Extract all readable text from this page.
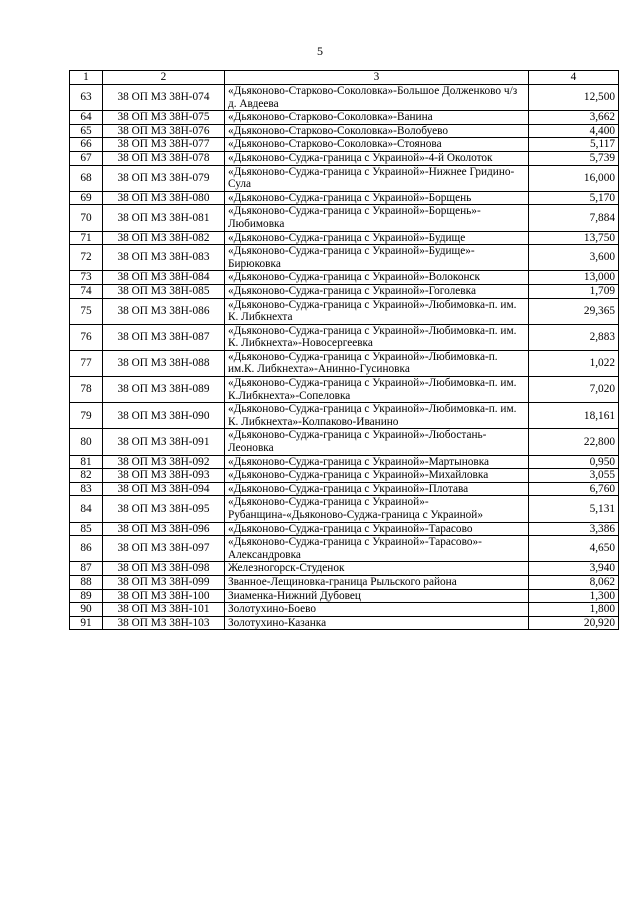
5
1	2	3	4
63	38 ОП МЗ 38Н-074	«Дьяконово-Старково-Соколовка»-Большое Долженково ч/з д. Авдеева	12,500
64	38 ОП МЗ 38Н-075	«Дьяконово-Старково-Соколовка»-Ванина	3,662
65	38 ОП МЗ 38Н-076	«Дьяконово-Старково-Соколовка»-Волобуево	4,400
66	38 ОП МЗ 38Н-077	«Дьяконово-Старково-Соколовка»-Стоянова	5,117
67	38 ОП МЗ 38Н-078	«Дьяконово-Суджа-граница с Украиной»-4-й Околоток	5,739
68	38 ОП МЗ 38Н-079	«Дьяконово-Суджа-граница с Украиной»-Нижнее Гридино-Сула	16,000
69	38 ОП МЗ 38Н-080	«Дьяконово-Суджа-граница с Украиной»-Борщень	5,170
70	38 ОП МЗ 38Н-081	«Дьяконово-Суджа-граница с Украиной»-Борщень»-Любимовка	7,884
71	38 ОП МЗ 38Н-082	«Дьяконово-Суджа-граница с Украиной»-Будище	13,750
72	38 ОП МЗ 38Н-083	«Дьяконово-Суджа-граница с Украиной»-Будище»-Бирюковка	3,600
73	38 ОП МЗ 38Н-084	«Дьяконово-Суджа-граница с Украиной»-Волоконск	13,000
74	38 ОП МЗ 38Н-085	«Дьяконово-Суджа-граница с Украиной»-Гоголевка	1,709
75	38 ОП МЗ 38Н-086	«Дьяконово-Суджа-граница с Украиной»-Любимовка-п. им. К. Либкнехта	29,365
76	38 ОП МЗ 38Н-087	«Дьяконово-Суджа-граница с Украиной»-Любимовка-п. им. К. Либкнехта»-Новосергеевка	2,883
77	38 ОП МЗ 38Н-088	«Дьяконово-Суджа-граница с Украиной»-Любимовка-п. им.К. Либкнехта»-Анинно-Гусиновка	1,022
78	38 ОП МЗ 38Н-089	«Дьяконово-Суджа-граница с Украиной»-Любимовка-п. им. К.Либкнехта»-Сопеловка	7,020
79	38 ОП МЗ 38Н-090	«Дьяконово-Суджа-граница с Украиной»-Любимовка-п. им. К. Либкнехта»-Колпаково-Иванино	18,161
80	38 ОП МЗ 38Н-091	«Дьяконово-Суджа-граница с Украиной»-Любостань-Леоновка	22,800
81	38 ОП МЗ 38Н-092	«Дьяконово-Суджа-граница с Украиной»-Мартыновка	0,950
82	38 ОП МЗ 38Н-093	«Дьяконово-Суджа-граница с Украиной»-Михайловка	3,055
83	38 ОП МЗ 38Н-094	«Дьяконово-Суджа-граница с Украиной»-Плотава	6,760
84	38 ОП МЗ 38Н-095	«Дьяконово-Суджа-граница с Украиной»-Рубанщина-«Дьяконово-Суджа-граница с Украиной»	5,131
85	38 ОП МЗ 38Н-096	«Дьяконово-Суджа-граница с Украиной»-Тарасово	3,386
86	38 ОП МЗ 38Н-097	«Дьяконово-Суджа-граница с Украиной»-Тарасово»-Александровка	4,650
87	38 ОП МЗ 38Н-098	Железногорск-Студенок	3,940
88	38 ОП МЗ 38Н-099	Званное-Лещиновка-граница Рыльского района	8,062
89	38 ОП МЗ 38Н-100	Зиаменка-Нижний Дубовец	1,300
90	38 ОП МЗ 38Н-101	Золотухино-Боево	1,800
91	38 ОП МЗ 38Н-103	Золотухино-Казанка	20,920
